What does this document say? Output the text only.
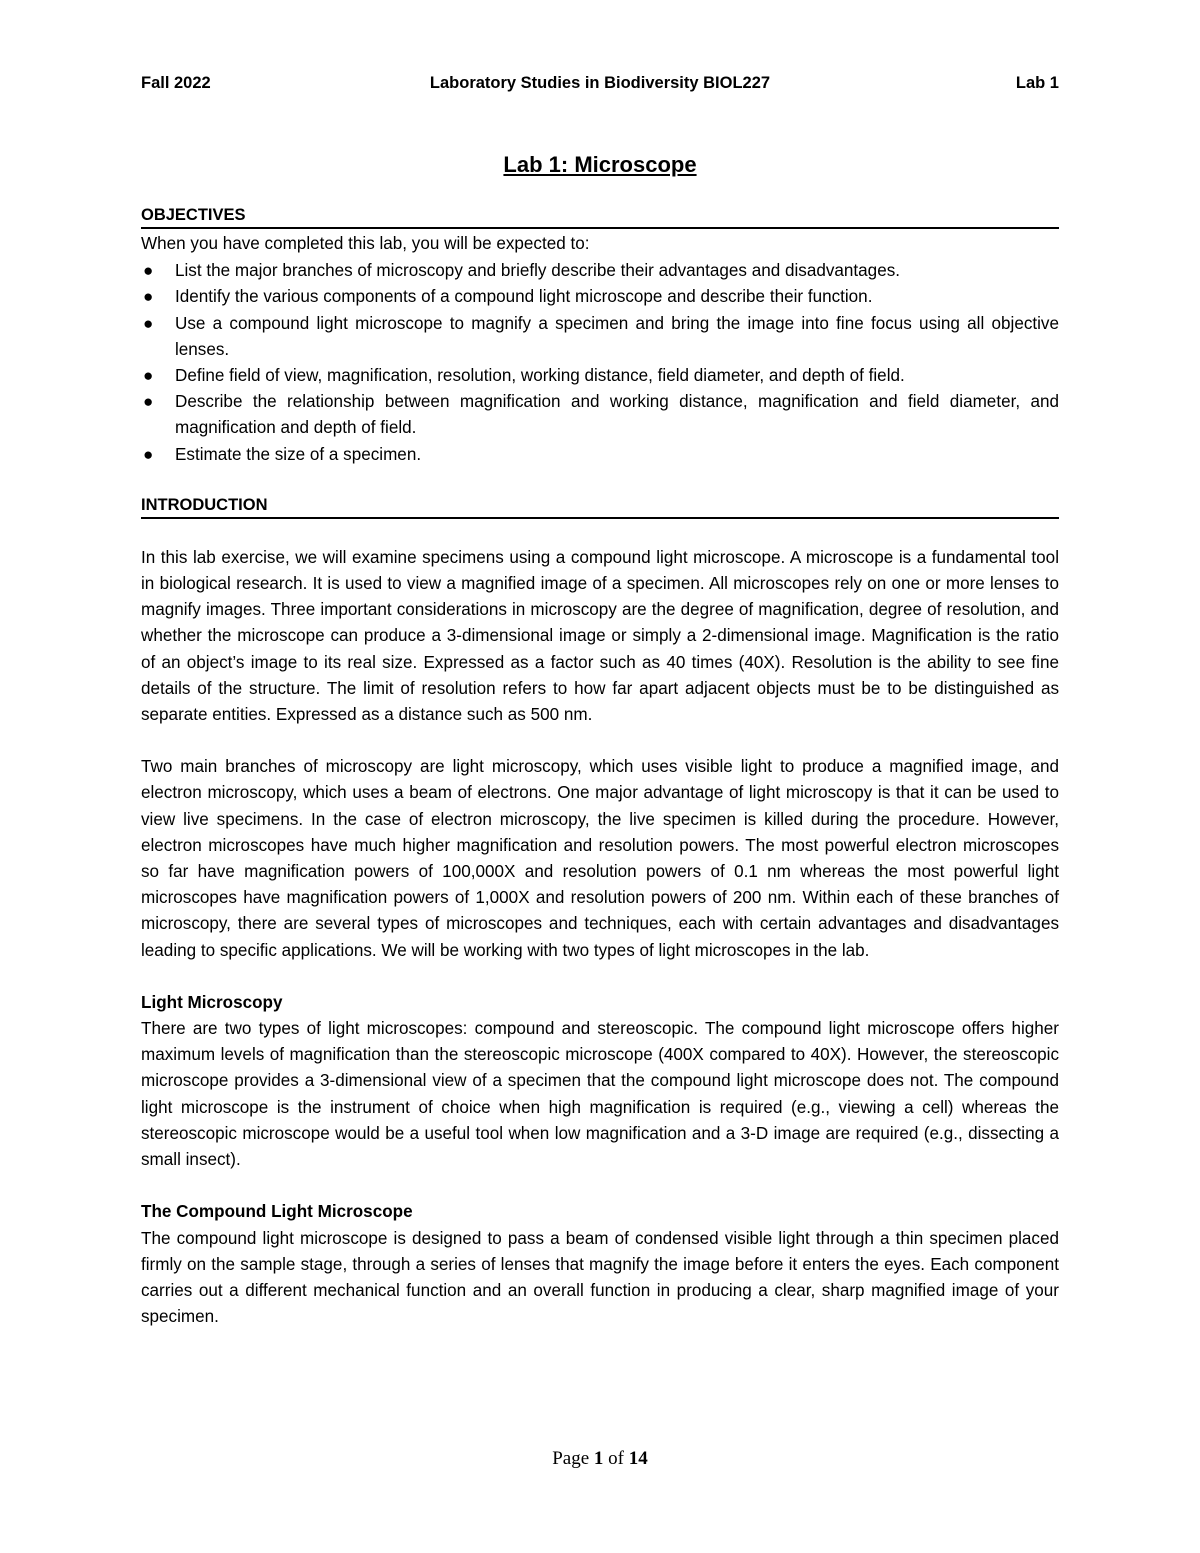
Fall 2022	Laboratory Studies in Biodiversity BIOL227	Lab 1
Lab 1: Microscope
OBJECTIVES

When you have completed this lab, you will be expected to:

● List the major branches of microscopy and briefly describe their advantages and disadvantages.
● Identify the various components of a compound light microscope and describe their function.
● Use a compound light microscope to magnify a specimen and bring the image into fine focus using all objective lenses.
● Define field of view, magnification, resolution, working distance, field diameter, and depth of field.
● Describe the relationship between magnification and working distance, magnification and field diameter, and magnification and depth of field.
● Estimate the size of a specimen.
INTRODUCTION

In this lab exercise, we will examine specimens using a compound light microscope. A microscope is a fundamental tool in biological research. It is used to view a magnified image of a specimen. All microscopes rely on one or more lenses to magnify images. Three important considerations in microscopy are the degree of magnification, degree of resolution, and whether the microscope can produce a 3-dimensional image or simply a 2-dimensional image. Magnification is the ratio of an object’s image to its real size. Expressed as a factor such as 40 times (40X). Resolution is the ability to see fine details of the structure. The limit of resolution refers to how far apart adjacent objects must be to be distinguished as separate entities. Expressed as a distance such as 500 nm.

Two main branches of microscopy are light microscopy, which uses visible light to produce a magnified image, and electron microscopy, which uses a beam of electrons. One major advantage of light microscopy is that it can be used to view live specimens. In the case of electron microscopy, the live specimen is killed during the procedure. However, electron microscopes have much higher magnification and resolution powers. The most powerful electron microscopes so far have magnification powers of 100,000X and resolution powers of 0.1 nm whereas the most powerful light microscopes have magnification powers of 1,000X and resolution powers of 200 nm. Within each of these branches of microscopy, there are several types of microscopes and techniques, each with certain advantages and disadvantages leading to specific applications. We will be working with two types of light microscopes in the lab.

Light Microscopy

There are two types of light microscopes: compound and stereoscopic. The compound light microscope offers higher maximum levels of magnification than the stereoscopic microscope (400X compared to 40X). However, the stereoscopic microscope provides a 3-dimensional view of a specimen that the compound light microscope does not. The compound light microscope is the instrument of choice when high magnification is required (e.g., viewing a cell) whereas the stereoscopic microscope would be a useful tool when low magnification and a 3-D image are required (e.g., dissecting a small insect).

The Compound Light Microscope

The compound light microscope is designed to pass a beam of condensed visible light through a thin specimen placed firmly on the sample stage, through a series of lenses that magnify the image before it enters the eyes. Each component carries out a different mechanical function and an overall function in producing a clear, sharp magnified image of your specimen.

Page 1 of 14
